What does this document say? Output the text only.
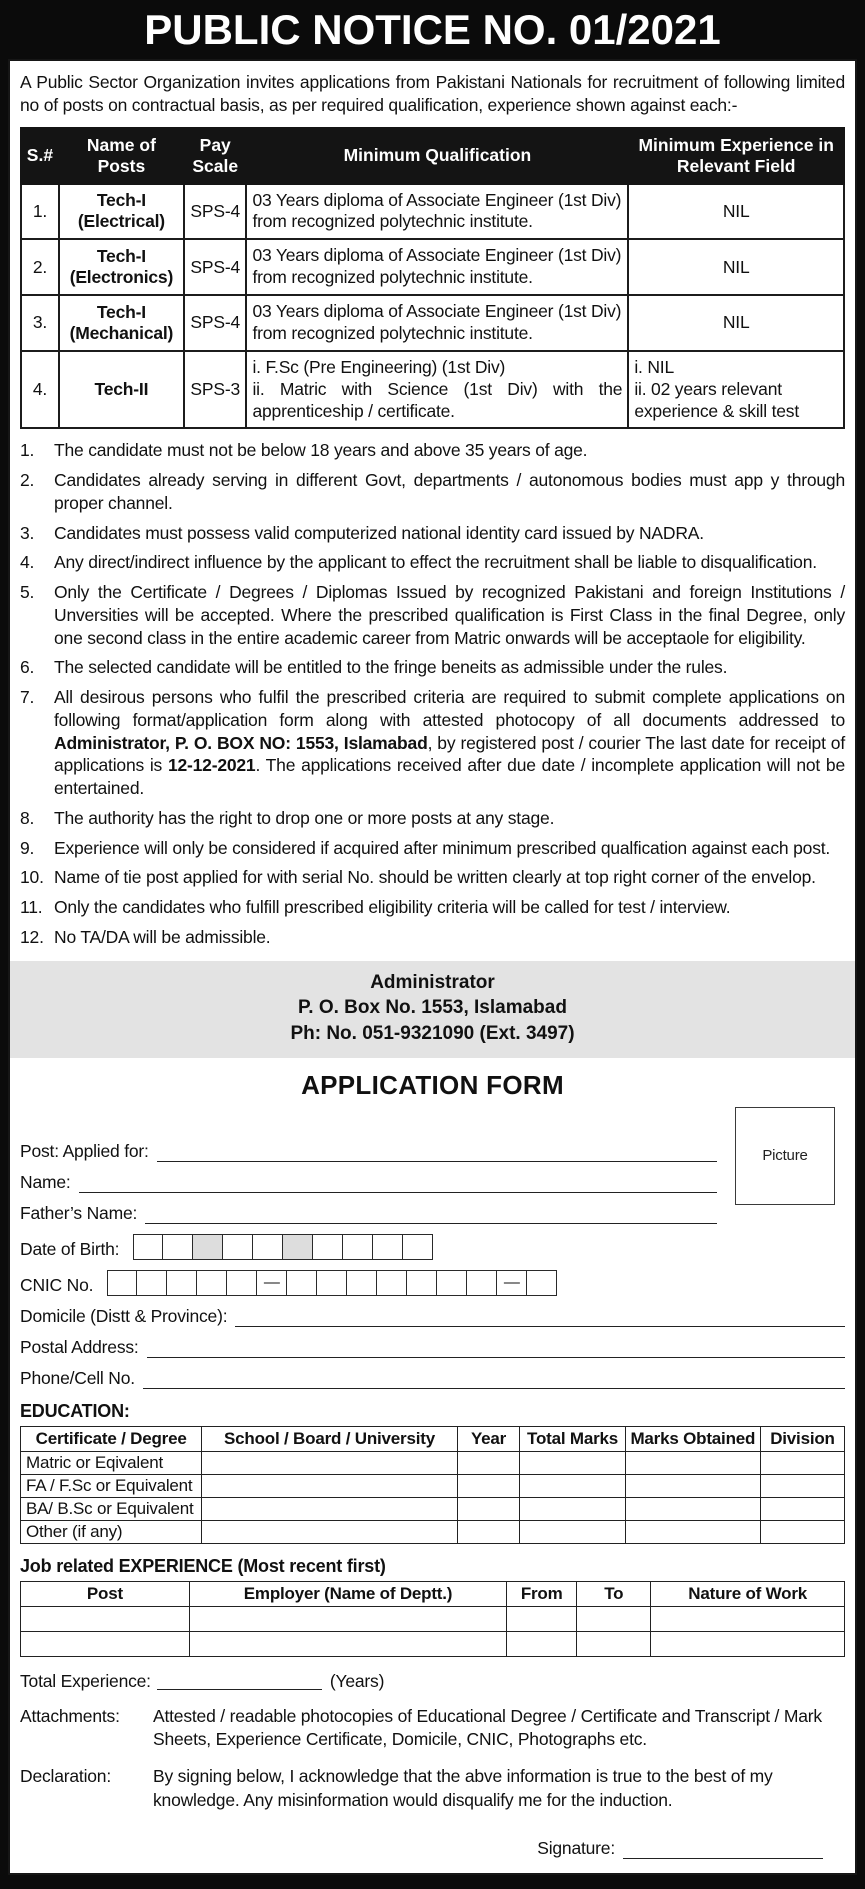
PUBLIC NOTICE NO. 01/2021

A Public Sector Organization invites applications from Pakistani Nationals for recruitment of following limited no of posts on contractual basis, as per required qualification, experience shown against each:-

S.#	Name of Posts	Pay Scale	Minimum Qualification	Minimum Experience in Relevant Field
1.	Tech-I (Electrical)	SPS-4	03 Years diploma of Associate Engineer (1st Div) from recognized polytechnic institute.	NIL
2.	Tech-I (Electronics)	SPS-4	03 Years diploma of Associate Engineer (1st Div) from recognized polytechnic institute.	NIL
3.	Tech-I (Mechanical)	SPS-4	03 Years diploma of Associate Engineer (1st Div) from recognized polytechnic institute.	NIL
4.	Tech-II	SPS-3	i. F.Sc (Pre Engineering) (1st Div)
ii. Matric with Science (1st Div) with the apprenticeship / certificate.	i. NIL
ii. 02 years relevant experience & skill test
1.	The candidate must not be below 18 years and above 35 years of age.
2.	Candidates already serving in different Govt, departments / autonomous bodies must app y through proper channel.
3.	Candidates must possess valid computerized national identity card issued by NADRA.
4.	Any direct/indirect influence by the applicant to effect the recruitment shall be liable to disqualification.
5.	Only the Certificate / Degrees / Diplomas Issued by recognized Pakistani and foreign Institutions / Unversities will be accepted. Where the prescribed qualification is First Class in the final Degree, only one second class in the entire academic career from Matric onwards will be acceptaole for eligibility.
6.	The selected candidate will be entitled to the fringe beneits as admissible under the rules.
7.	All desirous persons who fulfil the prescribed criteria are required to submit complete applications on following format/application form along with attested photocopy of all documents addressed to Administrator, P. O. BOX NO: 1553, Islamabad, by registered post / courier The last date for receipt of applications is 12-12-2021. The applications received after due date / incomplete application will not be entertained.
8.	The authority has the right to drop one or more posts at any stage.
9.	Experience will only be considered if acquired after minimum prescribed qualfication against each post.
10. Name of tie post applied for with serial No. should be written clearly at top right corner of the envelop.
11. Only the candidates who fulfill prescribed eligibility criteria will be called for test / interview.
12. No TA/DA will be admissible.
Administrator
P. O. Box No. 1553, Islamabad
Ph: No. 051-9321090 (Ext. 3497)
APPLICATION FORM
Picture
Post: Applied for:
Name:
Father’s Name:
Date of Birth:
CNIC No.	—	—
Domicile (Distt & Province):
Postal Address:
Phone/Cell No.
EDUCATION:
Certificate / Degree	School / Board / University	Year	Total Marks	Marks Obtained	Division
Matric or Eqivalent					
FA / F.Sc or Equivalent					
BA/ B.Sc or Equivalent					
Other (if any)					
Job related EXPERIENCE (Most recent first)
Post	Employer (Name of Deptt.)	From	To	Nature of Work

Total Experience:	(Years)
Attachments:	Attested / readable photocopies of Educational Degree / Certificate and Transcript / Mark Sheets, Experience Certificate, Domicile, CNIC, Photographs etc.
Declaration:	By signing below, I acknowledge that the abve information is true to the best of my knowledge. Any misinformation would disqualify me for the induction.
Signature:
